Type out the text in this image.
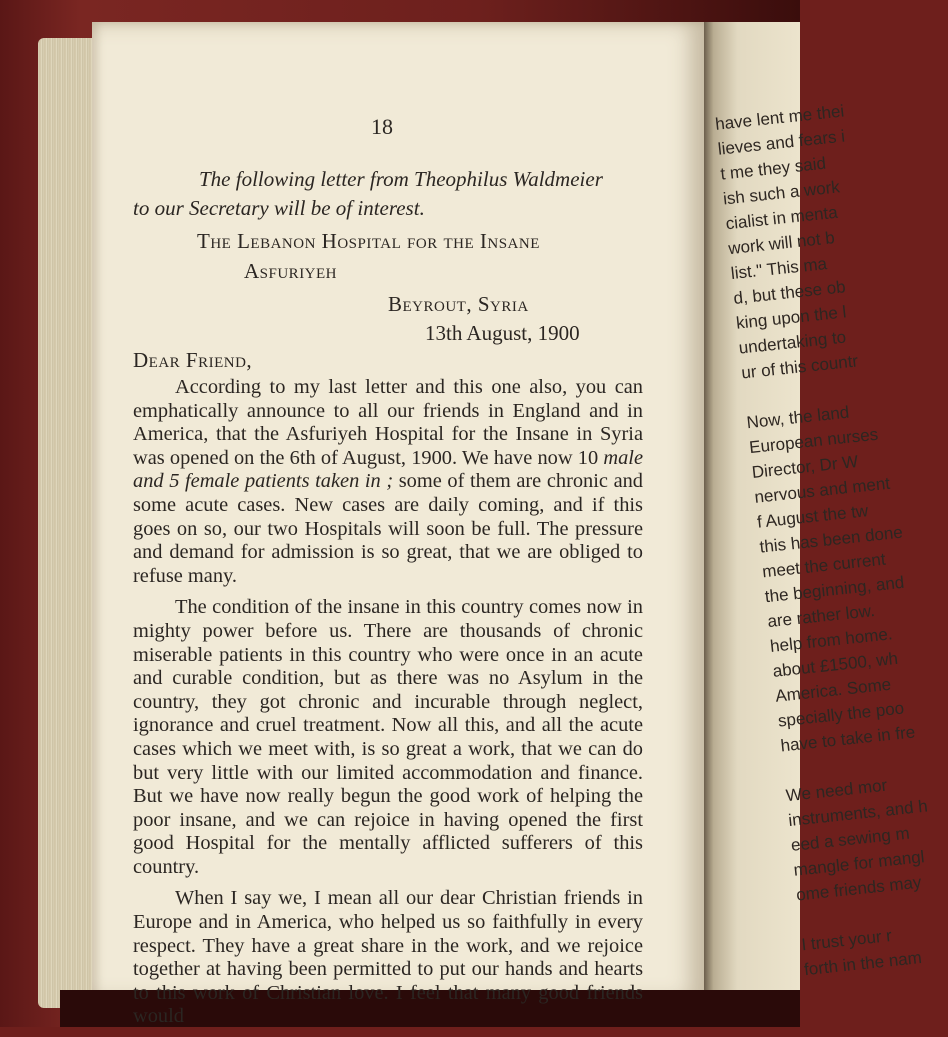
have lent me thei
lieves and fears i
t me they said
ish such a work
cialist in menta
work will not b
list." This ma
d, but these ob
king upon the l
undertaking to
ur of this countr

Now, the land
European nurses
Director, Dr W
nervous and ment
f August the tw
this has been done
meet the current
the beginning, and
are rather low.
help from home.
about £1500, wh
America. Some
specially the poo
have to take in fre

We need mor
instruments, and h
eed a sewing m
mangle for mangl
ome friends may

I trust your r
forth in the nam
18
The following letter from Theophilus Waldmeier
to our Secretary will be of interest.
The Lebanon Hospital for the Insane
Asfuriyeh
Beyrout, Syria
13th August, 1900
Dear Friend,

According to my last letter and this one also, you can emphatically announce to all our friends in England and in America, that the Asfuriyeh Hospital for the Insane in Syria was opened on the 6th of August, 1900. We have now 10 male and 5 female patients taken in ; some of them are chronic and some acute cases. New cases are daily coming, and if this goes on so, our two Hospitals will soon be full. The pressure and demand for admission is so great, that we are obliged to refuse many.

The condition of the insane in this country comes now in mighty power before us. There are thousands of chronic miserable patients in this country who were once in an acute and curable condition, but as there was no Asylum in the country, they got chronic and incurable through neglect, ignorance and cruel treatment. Now all this, and all the acute cases which we meet with, is so great a work, that we can do but very little with our limited accommodation and finance. But we have now really begun the good work of helping the poor insane, and we can rejoice in having opened the first good Hospital for the mentally afflicted sufferers of this country.

When I say we, I mean all our dear Christian friends in Europe and in America, who helped us so faithfully in every respect. They have a great share in the work, and we rejoice together at having been permitted to put our hands and hearts to this work of Christian love. I feel that many good friends would
